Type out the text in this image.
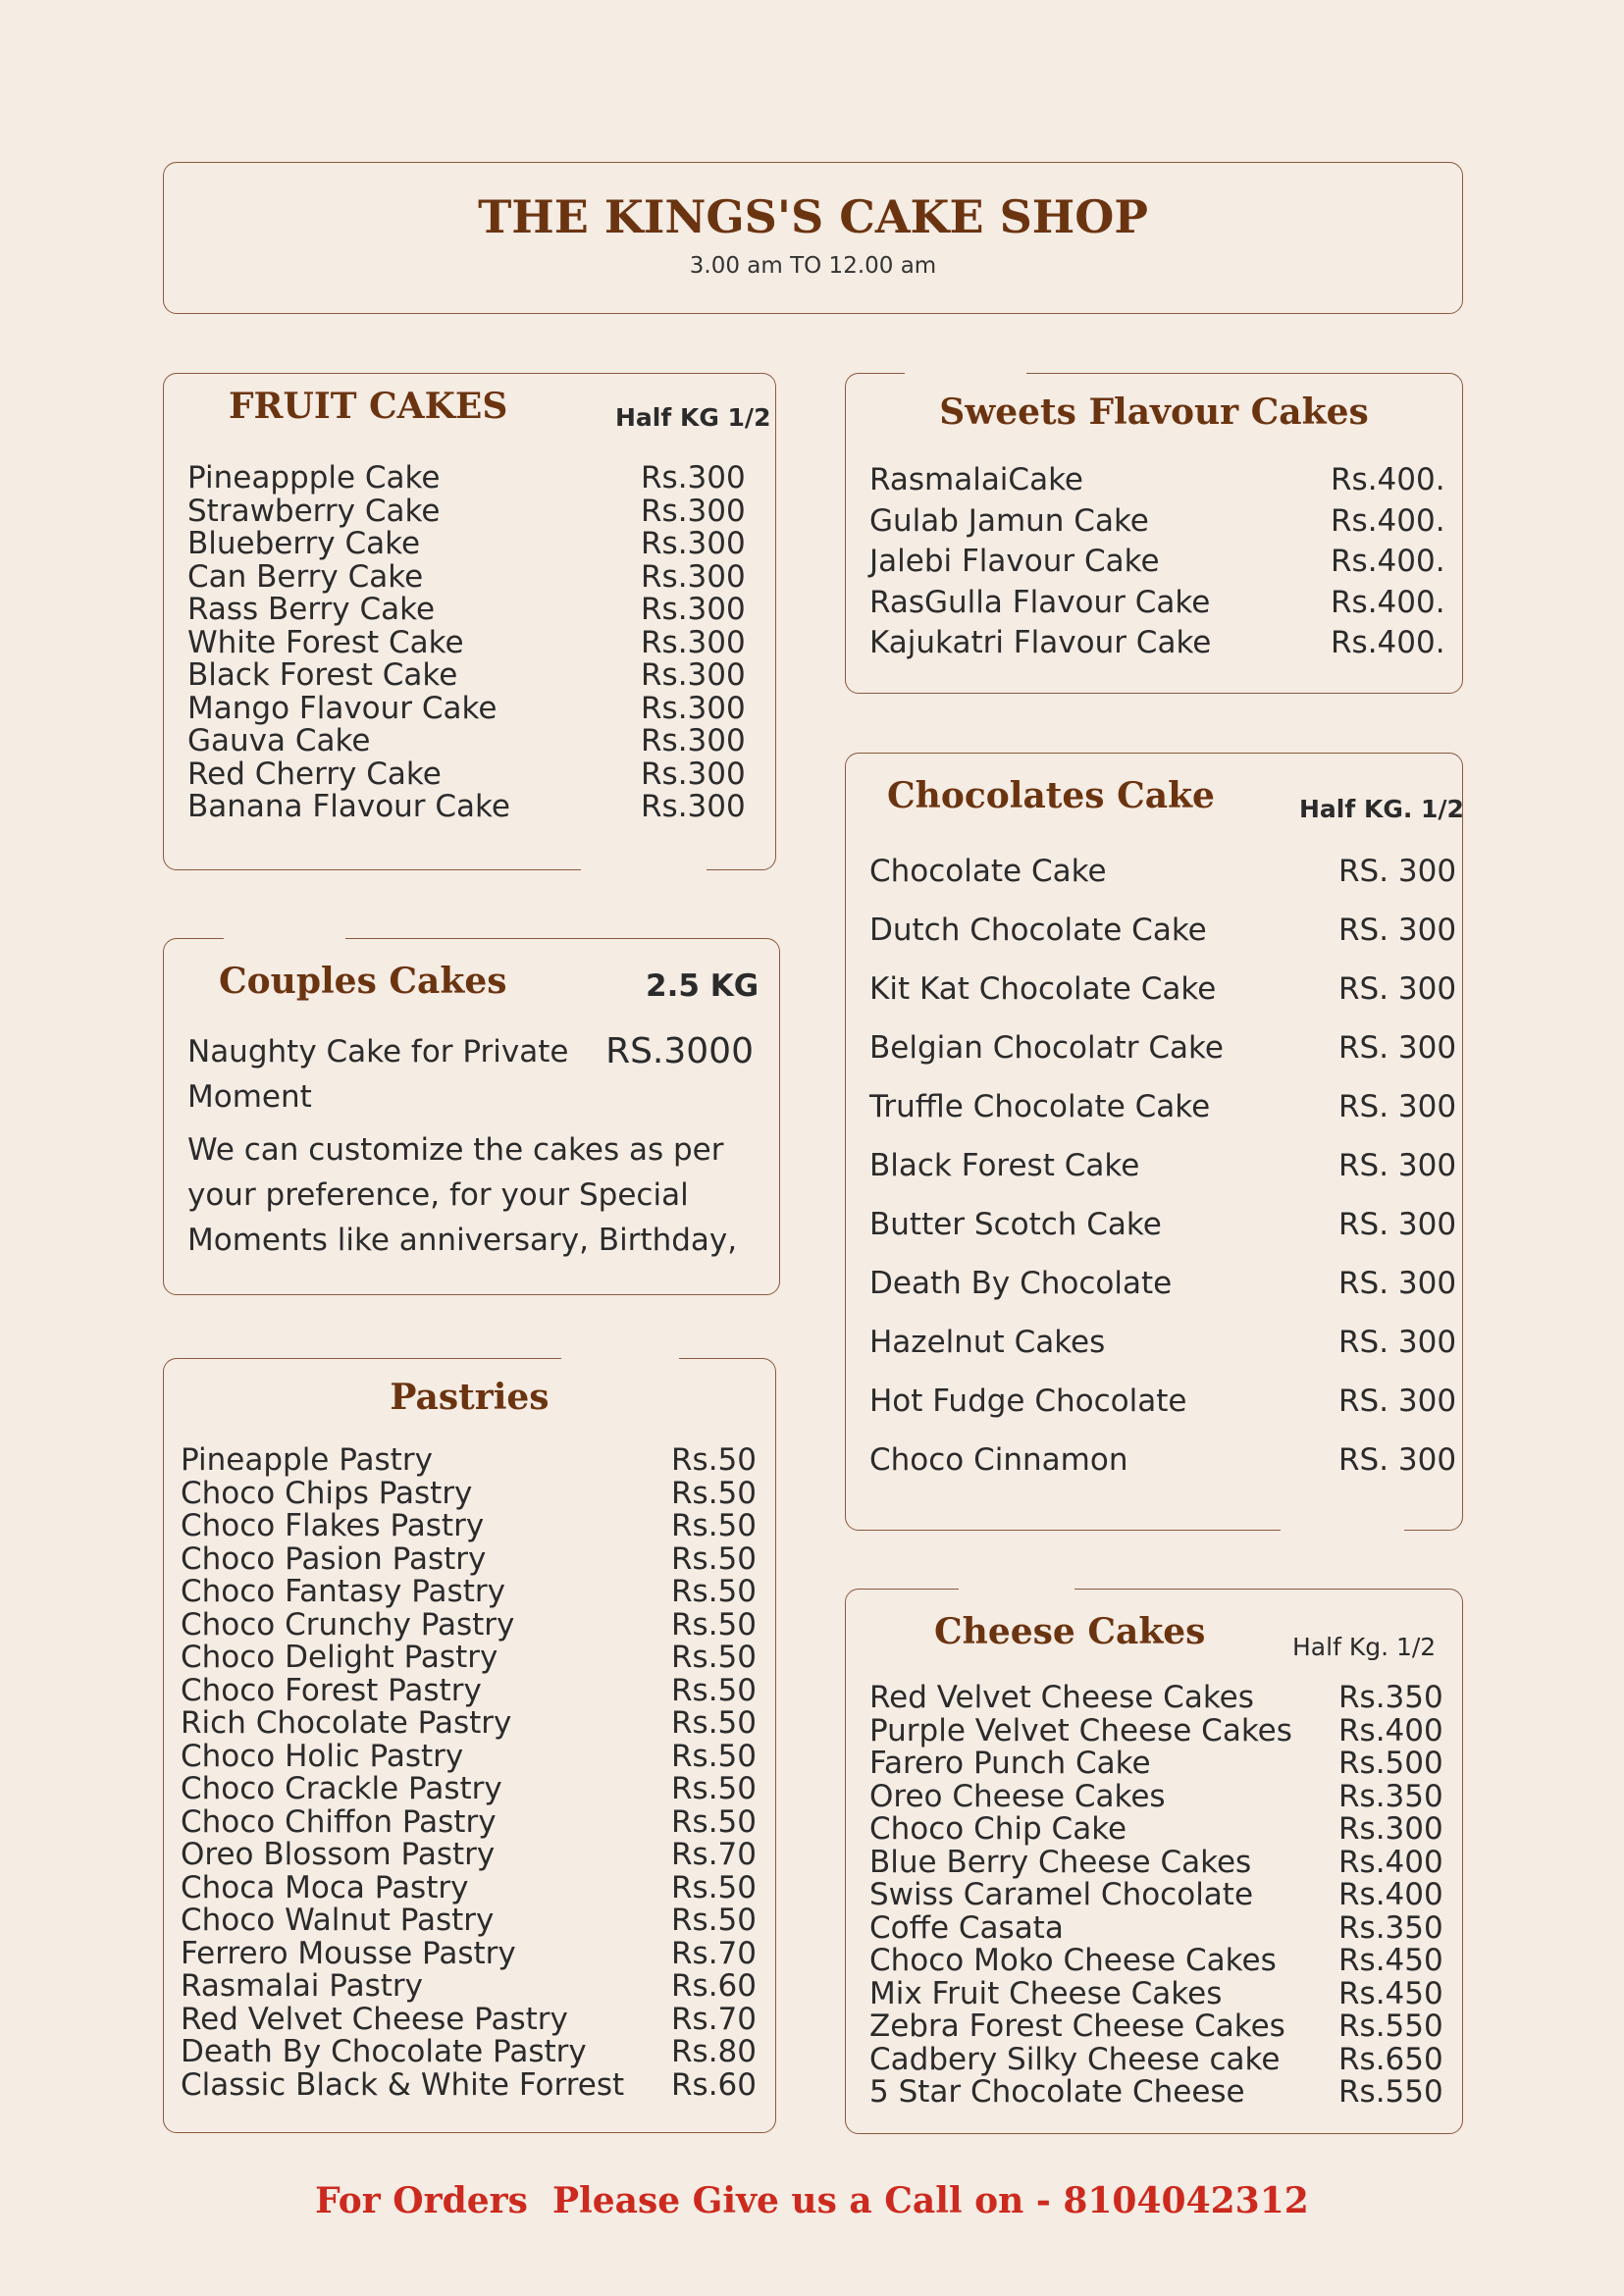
THE KINGS'S CAKE SHOP
3.00 am TO 12.00 am
FRUIT CAKES	Half KG 1/2
Pineappple Cake	Rs.300
Strawberry Cake	Rs.300
Blueberry Cake	Rs.300
Can Berry Cake	Rs.300
Rass Berry Cake	Rs.300
White Forest Cake	Rs.300
Black Forest Cake	Rs.300
Mango Flavour Cake	Rs.300
Gauva Cake	Rs.300
Red Cherry Cake	Rs.300
Banana Flavour Cake	Rs.300
Sweets Flavour Cakes
RasmalaiCake	Rs.400.
Gulab Jamun Cake	Rs.400.
Jalebi Flavour Cake	Rs.400.
RasGulla Flavour Cake	Rs.400.
Kajukatri Flavour Cake	Rs.400.
Chocolates Cake	Half KG. 1/2
Chocolate Cake	RS. 300
Dutch Chocolate Cake	RS. 300
Kit Kat Chocolate Cake	RS. 300
Belgian Chocolatr Cake	RS. 300
Truffle Chocolate Cake	RS. 300
Black Forest Cake	RS. 300
Butter Scotch Cake	RS. 300
Death By Chocolate	RS. 300
Hazelnut Cakes	RS. 300
Hot Fudge Chocolate	RS. 300
Choco Cinnamon	RS. 300
Couples Cakes	2.5 KG
Naughty Cake for Private Moment
RS.3000
We can customize the cakes as per your preference, for your Special Moments like anniversary, Birthday,
Pastries
Pineapple Pastry	Rs.50
Choco Chips Pastry	Rs.50
Choco Flakes Pastry	Rs.50
Choco Pasion Pastry	Rs.50
Choco Fantasy Pastry	Rs.50
Choco Crunchy Pastry	Rs.50
Choco Delight Pastry	Rs.50
Choco Forest Pastry	Rs.50
Rich Chocolate Pastry	Rs.50
Choco Holic Pastry	Rs.50
Choco Crackle Pastry	Rs.50
Choco Chiffon Pastry	Rs.50
Oreo Blossom Pastry	Rs.70
Choca Moca Pastry	Rs.50
Choco Walnut Pastry	Rs.50
Ferrero Mousse Pastry	Rs.70
Rasmalai Pastry	Rs.60
Red Velvet Cheese Pastry	Rs.70
Death By Chocolate Pastry	Rs.80
Classic Black & White Forrest Rs.60
Cheese Cakes	Half Kg. 1/2
Red Velvet Cheese Cakes	Rs.350
Purple Velvet Cheese Cakes Rs.400
Farero Punch Cake	Rs.500
Oreo Cheese Cakes	Rs.350
Choco Chip Cake	Rs.300
Blue Berry Cheese Cakes	Rs.400
Swiss Caramel Chocolate	Rs.400
Coffe Casata	Rs.350
Choco Moko Cheese Cakes Rs.450
Mix Fruit Cheese Cakes	Rs.450
Zebra Forest Cheese Cakes Rs.550
Cadbery Silky Cheese cake Rs.650
5 Star Chocolate Cheese	Rs.550
For Orders  Please Give us a Call on - 8104042312
